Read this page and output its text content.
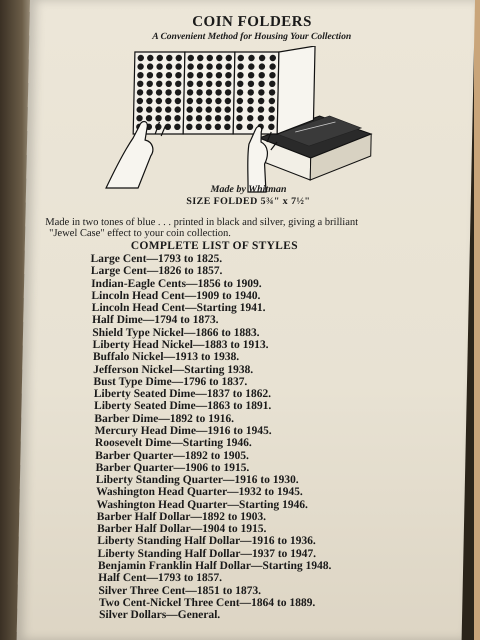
COIN FOLDERS
A Convenient Method for Housing Your Collection
Made by Whitman
SIZE FOLDED 5¾" x 7½"
Made in two tones of blue . . . printed in black and silver, giving a brilliant
"Jewel Case" effect to your coin collection.
COMPLETE LIST OF STYLES
Large Cent—1793 to 1825.
Large Cent—1826 to 1857.
Indian-Eagle Cents—1856 to 1909.
Lincoln Head Cent—1909 to 1940.
Lincoln Head Cent—Starting 1941.
Half Dime—1794 to 1873.
Shield Type Nickel—1866 to 1883.
Liberty Head Nickel—1883 to 1913.
Buffalo Nickel—1913 to 1938.
Jefferson Nickel—Starting 1938.
Bust Type Dime—1796 to 1837.
Liberty Seated Dime—1837 to 1862.
Liberty Seated Dime—1863 to 1891.
Barber Dime—1892 to 1916.
Mercury Head Dime—1916 to 1945.
Roosevelt Dime—Starting 1946.
Barber Quarter—1892 to 1905.
Barber Quarter—1906 to 1915.
Liberty Standing Quarter—1916 to 1930.
Washington Head Quarter—1932 to 1945.
Washington Head Quarter—Starting 1946.
Barber Half Dollar—1892 to 1903.
Barber Half Dollar—1904 to 1915.
Liberty Standing Half Dollar—1916 to 1936.
Liberty Standing Half Dollar—1937 to 1947.
Benjamin Franklin Half Dollar—Starting 1948.
Half Cent—1793 to 1857.
Silver Three Cent—1851 to 1873.
Two Cent-Nickel Three Cent—1864 to 1889.
Silver Dollars—General.
